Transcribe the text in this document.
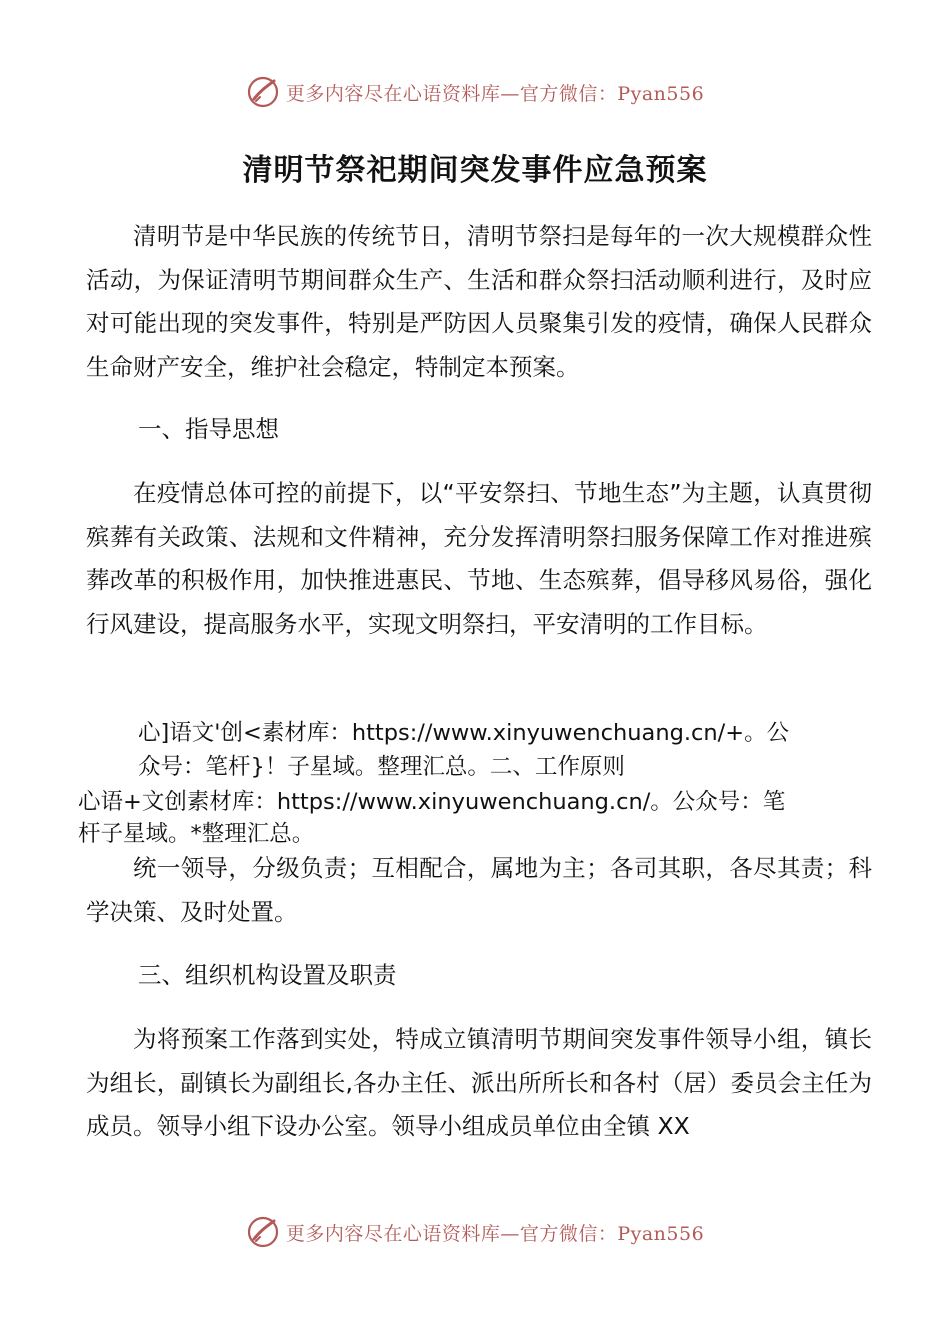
更多内容尽在心语资料库—官方微信：Pyan556
清明节祭祀期间突发事件应急预案

清明节是中华民族的传统节日，清明节祭扫是每年的一次大规模群众性活动，为保证清明节期间群众生产、生活和群众祭扫活动顺利进行，及时应对可能出现的突发事件，特别是严防因人员聚集引发的疫情，确保人民群众生命财产安全，维护社会稳定，特制定本预案。

一、指导思想

在疫情总体可控的前提下，以“平安祭扫、节地生态”为主题，认真贯彻殡葬有关政策、法规和文件精神，充分发挥清明祭扫服务保障工作对推进殡葬改革的积极作用，加快推进惠民、节地、生态殡葬，倡导移风易俗，强化行风建设，提高服务水平，实现文明祭扫，平安清明的工作目标。

心]语文'创<素材库：https://www.xinyuwenchuang.cn/+。公

众号：笔杆}！子星域。整理汇总。二、工作原则

心语+文创素材库：https://www.xinyuwenchuang.cn/。公众号：笔

杆子星域。*整理汇总。

统一领导，分级负责；互相配合，属地为主；各司其职，各尽其责；科学决策、及时处置。

三、组织机构设置及职责

为将预案工作落到实处，特成立镇清明节期间突发事件领导小组，镇长为组长，副镇长为副组长,各办主任、派出所所长和各村（居）委员会主任为成员。领导小组下设办公室。领导小组成员单位由全镇 XX

更多内容尽在心语资料库—官方微信：Pyan556
